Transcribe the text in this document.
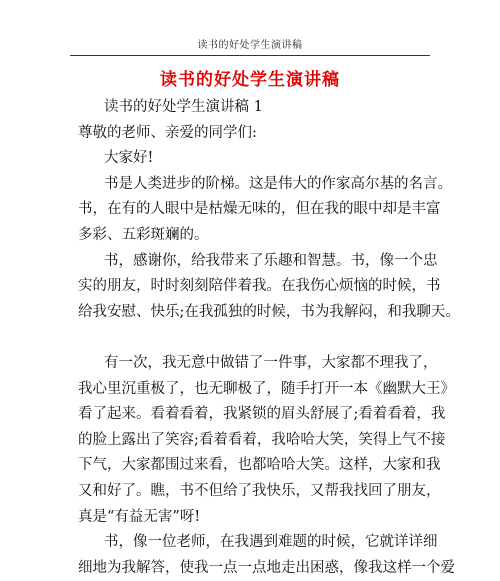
读书的好处学生演讲稿
读书的好处学生演讲稿
读书的好处学生演讲稿 1
尊敬的老师、亲爱的同学们:
大家好!
书是人类进步的阶梯。这是伟大的作家高尔基的名言。
书，在有的人眼中是枯燥无味的，但在我的眼中却是丰富
多彩、五彩斑斓的。
书，感谢你，给我带来了乐趣和智慧。书，像一个忠
实的朋友，时时刻刻陪伴着我。在我伤心烦恼的时候，书
给我安慰、快乐;在我孤独的时候，书为我解闷，和我聊天。
有一次，我无意中做错了一件事，大家都不理我了，
我心里沉重极了，也无聊极了，随手打开一本《幽默大王》
看了起来。看着看着，我紧锁的眉头舒展了;看着看着，我
的脸上露出了笑容;看着看着，我哈哈大笑，笑得上气不接
下气，大家都围过来看，也都哈哈大笑。这样，大家和我
又和好了。瞧，书不但给了我快乐，又帮我找回了朋友，
真是“有益无害”呀!
书，像一位老师，在我遇到难题的时候，它就详详细
细地为我解答，使我一点一点地走出困惑，像我这样一个爱
